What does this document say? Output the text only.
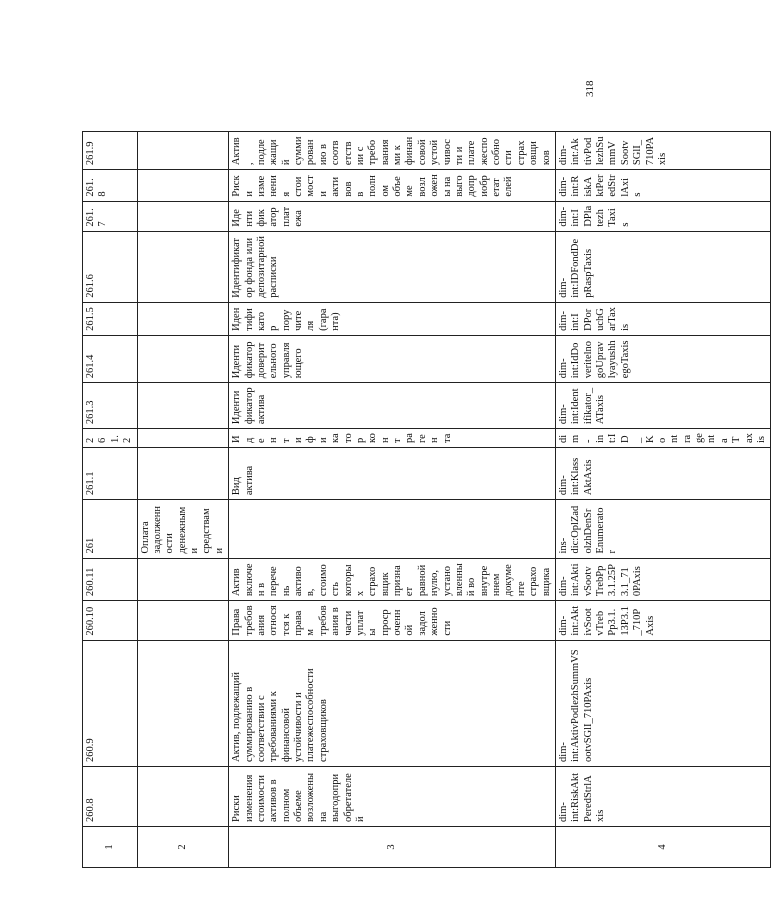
318
1	260.8	260.9	260.10	260.11	261	261.1	261.2	261.3	261.4	261.5	261.6	261.7	261.8	261.9
2					Оплата задолженности денежными средствами									
3	Риски изменения стоимости активов в полном объеме возложены на выгодоприобретателей	Актив, подлежащий суммированию в соответствии с требованиями к финансовой устойчивости и платежеспособности страховщиков	Права требования относятся к правам требования в части уплаты просроченной задолженности	Актив включен в перечень активов, стоимость которых страховщик признает равной нулю, установленный во внутреннем документе страховщика		Вид актива	Идентификатор контрагента	Идентификатор актива	Идентификатор доверительного управляющего	Идентификатор поручителя (гаранта)	Идентификатор фонда или депозитарной расписки	Идентификатор платежа	Риски изменения стоимости активов в полном объеме возложены на выгодоприобретателей	Актив, подлежащий суммированию в соответствии с требованиями к финансовой устойчивости и платежеспособности страховщиков
4	dim-int:RiskAktPeredStrlAxis	dim-int:AktivPodlezhSummVSootvSGlI_710PAxis	dim-int:AktivSootvTrebPp3.1.13P3.1_710PAxis	dim-int:AktivSootvTrebPp3.1.25P3.1_710PAxis	ins-dic:OplZadolzhDenSrEnumerator	dim-int:KlassAktAxis	dim-int:ID_KontragentaTaxis	dim-int:Identifikator_ATaxis	dim-int:IdDoveritelnogoUpravlyayushhegoTaxis	dim-int:IDPoruchGarTaxis	dim-int:IDFondDepRaspTaxis	dim-int:IDPlatezhTaxis	dim-int:RiskAktPeredStrlAxis	dim-int:AktivPodlezhSummVSootvSGlI_710PAxis
